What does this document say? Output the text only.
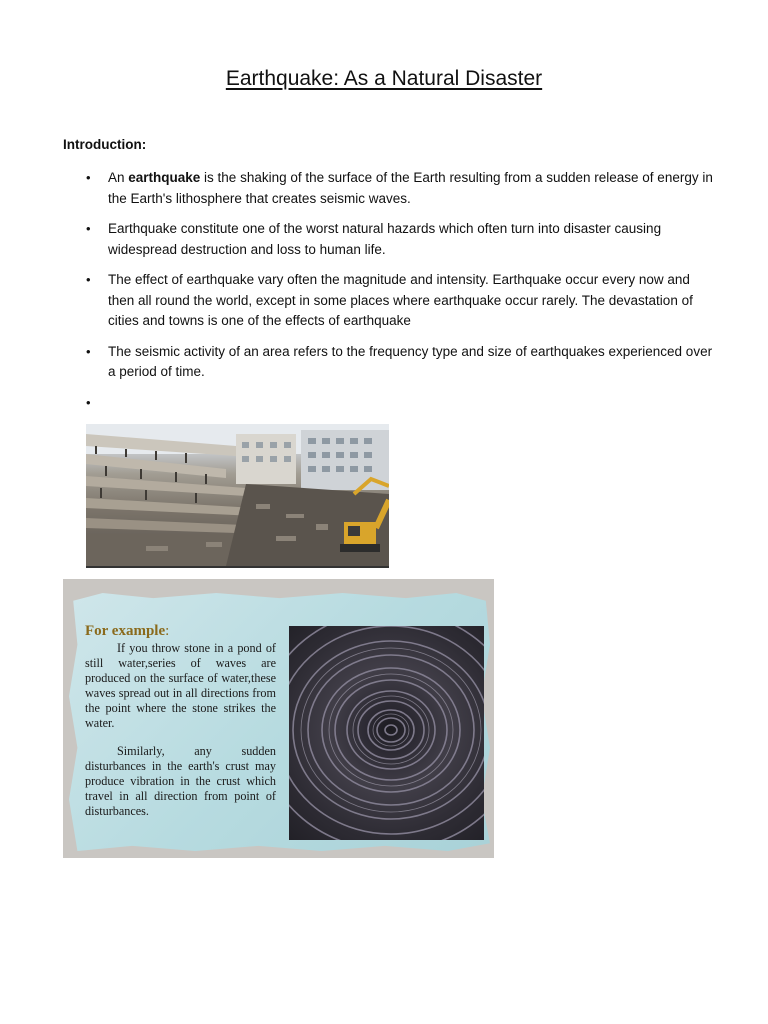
Earthquake: As a Natural Disaster
Introduction:
• An earthquake is the shaking of the surface of the Earth resulting from a sudden release of energy in the Earth's lithosphere that creates seismic waves.
• Earthquake constitute one of the worst natural hazards which often turn into disaster causing widespread destruction and loss to human life.
• The effect of earthquake vary often the magnitude and intensity. Earthquake occur every now and then all round the world, except in some places where earthquake occur rarely. The devastation of cities and towns is one of the effects of earthquake
• The seismic activity of an area refers to the frequency type and size of earthquakes experienced over a period of time.
•
For example:

If you throw stone in a pond of still water,series of waves are produced on the surface of water,these waves spread out in all directions from the point where the stone strikes the water.

Similarly, any sudden disturbances in the earth's crust may produce vibration in the crust which travel in all direction from point of disturbances.
